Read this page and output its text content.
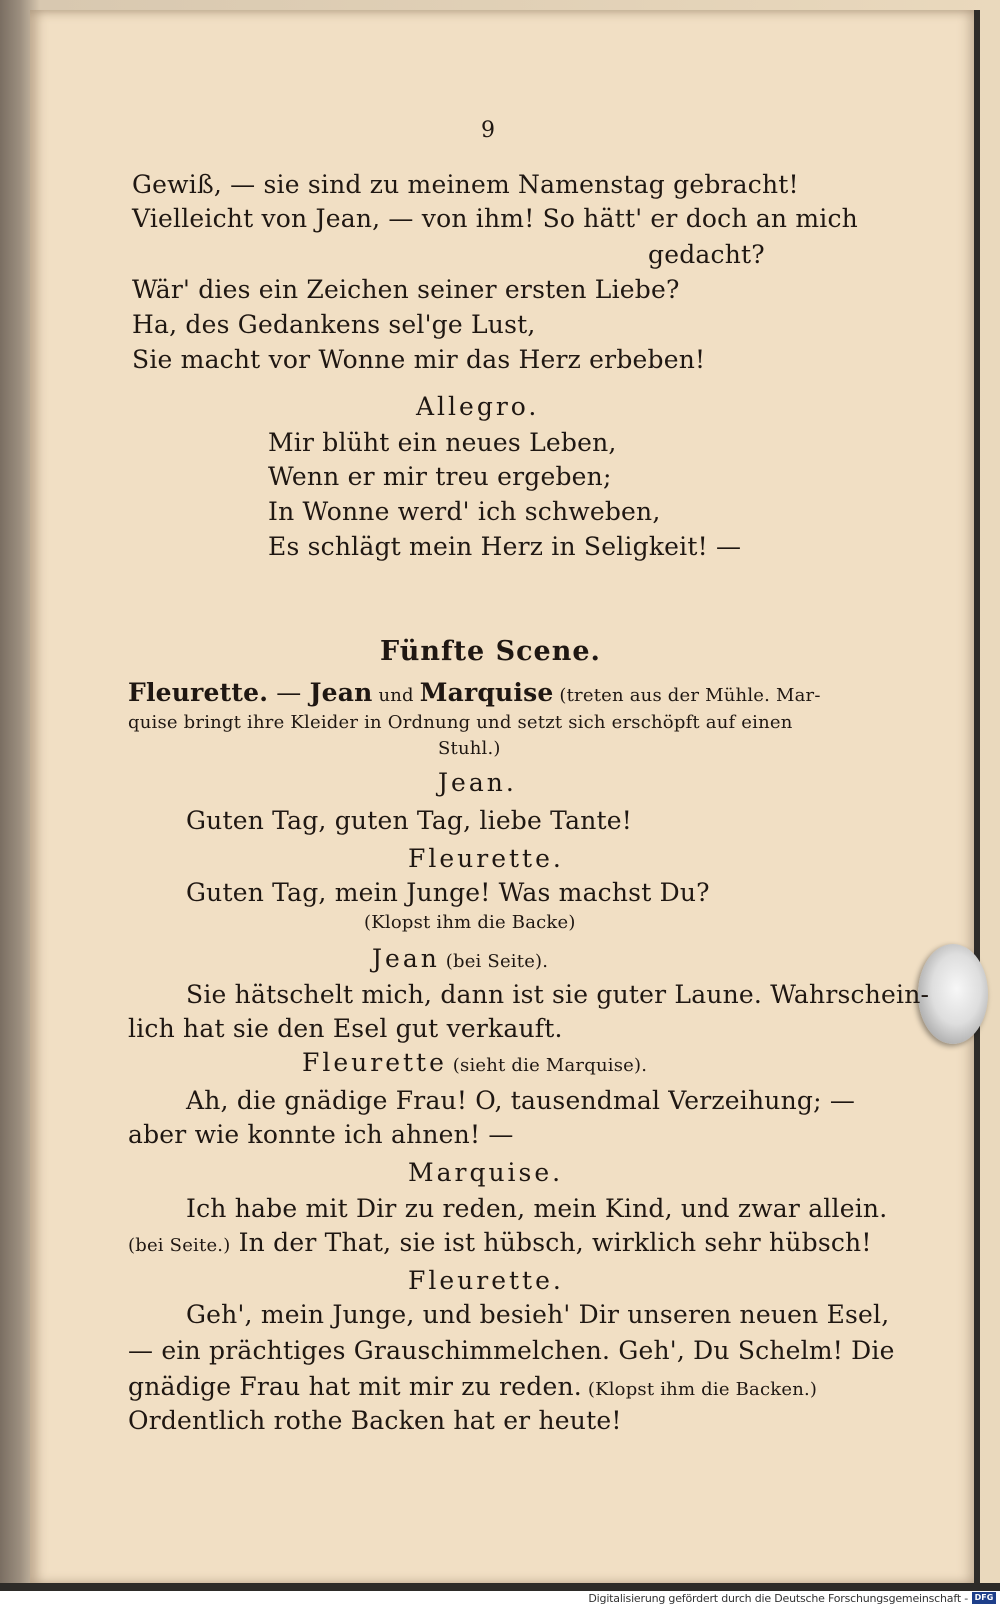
9
Gewiß, — sie sind zu meinem Namenstag gebracht!
Vielleicht von Jean, — von ihm! So hätt' er doch an mich
gedacht?
Wär' dies ein Zeichen seiner ersten Liebe?
Ha, des Gedankens sel'ge Lust,
Sie macht vor Wonne mir das Herz erbeben!
Allegro.
Mir blüht ein neues Leben,
Wenn er mir treu ergeben;
In Wonne werd' ich schweben,
Es schlägt mein Herz in Seligkeit! —
Fünfte Scene.
Fleurette. — Jean und Marquise (treten aus der Mühle. Mar-
quise bringt ihre Kleider in Ordnung und setzt sich erschöpft auf einen
Stuhl.)
Jean.
Guten Tag, guten Tag, liebe Tante!
Fleurette.
Guten Tag, mein Junge! Was machst Du?
(Klopst ihm die Backe)
Jean (bei Seite).
Sie hätschelt mich, dann ist sie guter Laune. Wahrschein-
lich hat sie den Esel gut verkauft.
Fleurette (sieht die Marquise).
Ah, die gnädige Frau! O, tausendmal Verzeihung; —
aber wie konnte ich ahnen! —
Marquise.
Ich habe mit Dir zu reden, mein Kind, und zwar allein.
(bei Seite.) In der That, sie ist hübsch, wirklich sehr hübsch!
Fleurette.
Geh', mein Junge, und besieh' Dir unseren neuen Esel,
— ein prächtiges Grauschimmelchen. Geh', Du Schelm! Die
gnädige Frau hat mit mir zu reden. (Klopst ihm die Backen.)
Ordentlich rothe Backen hat er heute!
Digitalisierung gefördert durch die Deutsche Forschungsgemeinschaft - DFG
